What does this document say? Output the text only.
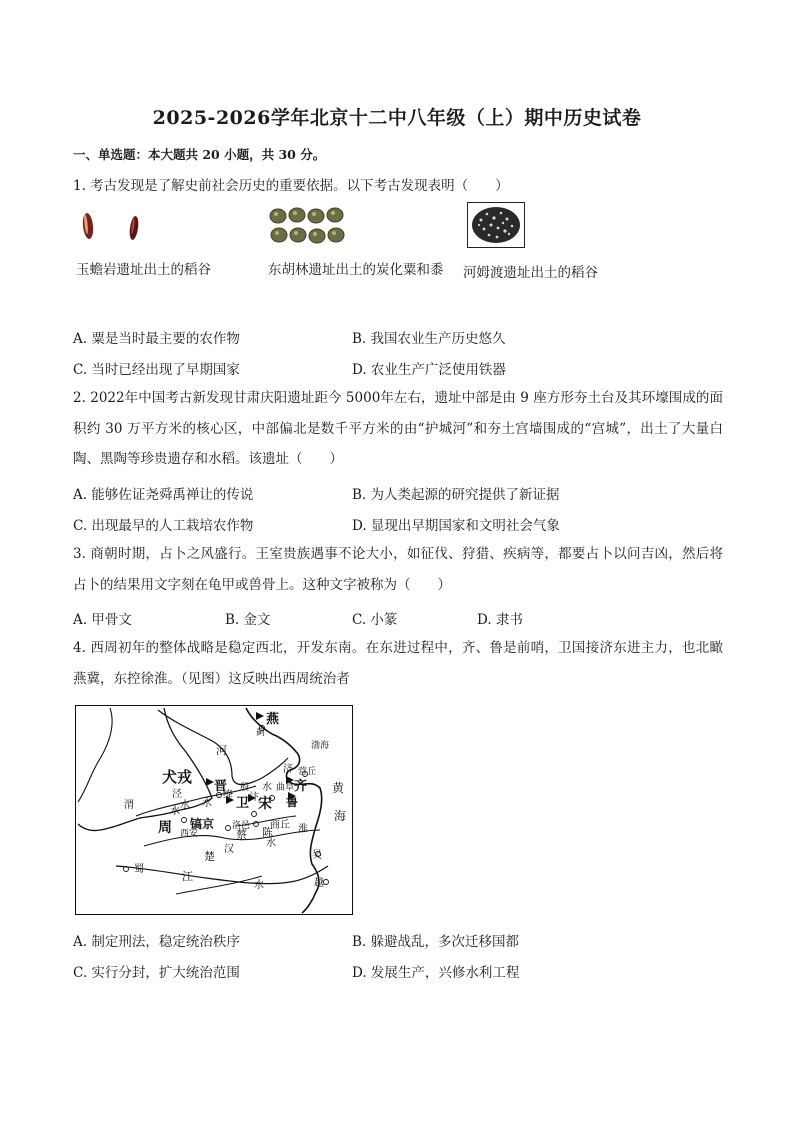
2025-2026学年北京十二中八年级（上）期中历史试卷
一、单选题：本大题共 20 小题，共 30 分。
1. 考古发现是了解史前社会历史的重要依据。以下考古发现表明（　　）
玉蟾岩遗址出土的稻谷	东胡林遗址出土的炭化粟和黍 河姆渡遗址出土的稻谷
A. 粟是当时最主要的农作物	B. 我国农业生产历史悠久
C. 当时已经出现了早期国家	D. 农业生产广泛使用铁器
2. 2022年中国考古新发现甘肃庆阳遗址距今 5000年左右，遗址中部是由 9 座方形夯土台及其环壕围成的面积约 30 万平方米的核心区，中部偏北是数千平方米的由“护城河”和夯土宫墙围成的“宫城”，出土了大量白陶、黑陶等珍贵遗存和水稻。该遗址（　　）
A. 能够佐证尧舜禹禅让的传说	B. 为人类起源的研究提供了新证据
C. 出现最早的人工栽培农作物	D. 显现出早期国家和文明社会气象
3. 商朝时期，占卜之风盛行。王室贵族遇事不论大小，如征伐、狩猎、疾病等，都要占卜以问吉凶，然后将占卜的结果用文字刻在龟甲或兽骨上。这种文字被称为（　　）
A. 甲骨文	B. 金文	C. 小篆	D. 隶书
4. 西周初年的整体战略是稳定西北，开发东南。在东进过程中，齐、鲁是前哨，卫国接济东进主力，也北瞰燕冀，东控徐淮。（见图）这反映出西周统治者
燕
蓟
渤海
河
犬戎
晋
绛
殷
济 营丘
黄
海
齐
曲阜
鲁
泾
渭	水
水
水 卫 宋
汴
水
周 镐京
西安
洛邑
蔡
商丘
陈	淮
水
楚
汉
蜀
江
水
吴
越
A. 制定刑法，稳定统治秩序	B. 躲避战乱，多次迁移国都
C. 实行分封，扩大统治范围	D. 发展生产，兴修水利工程
